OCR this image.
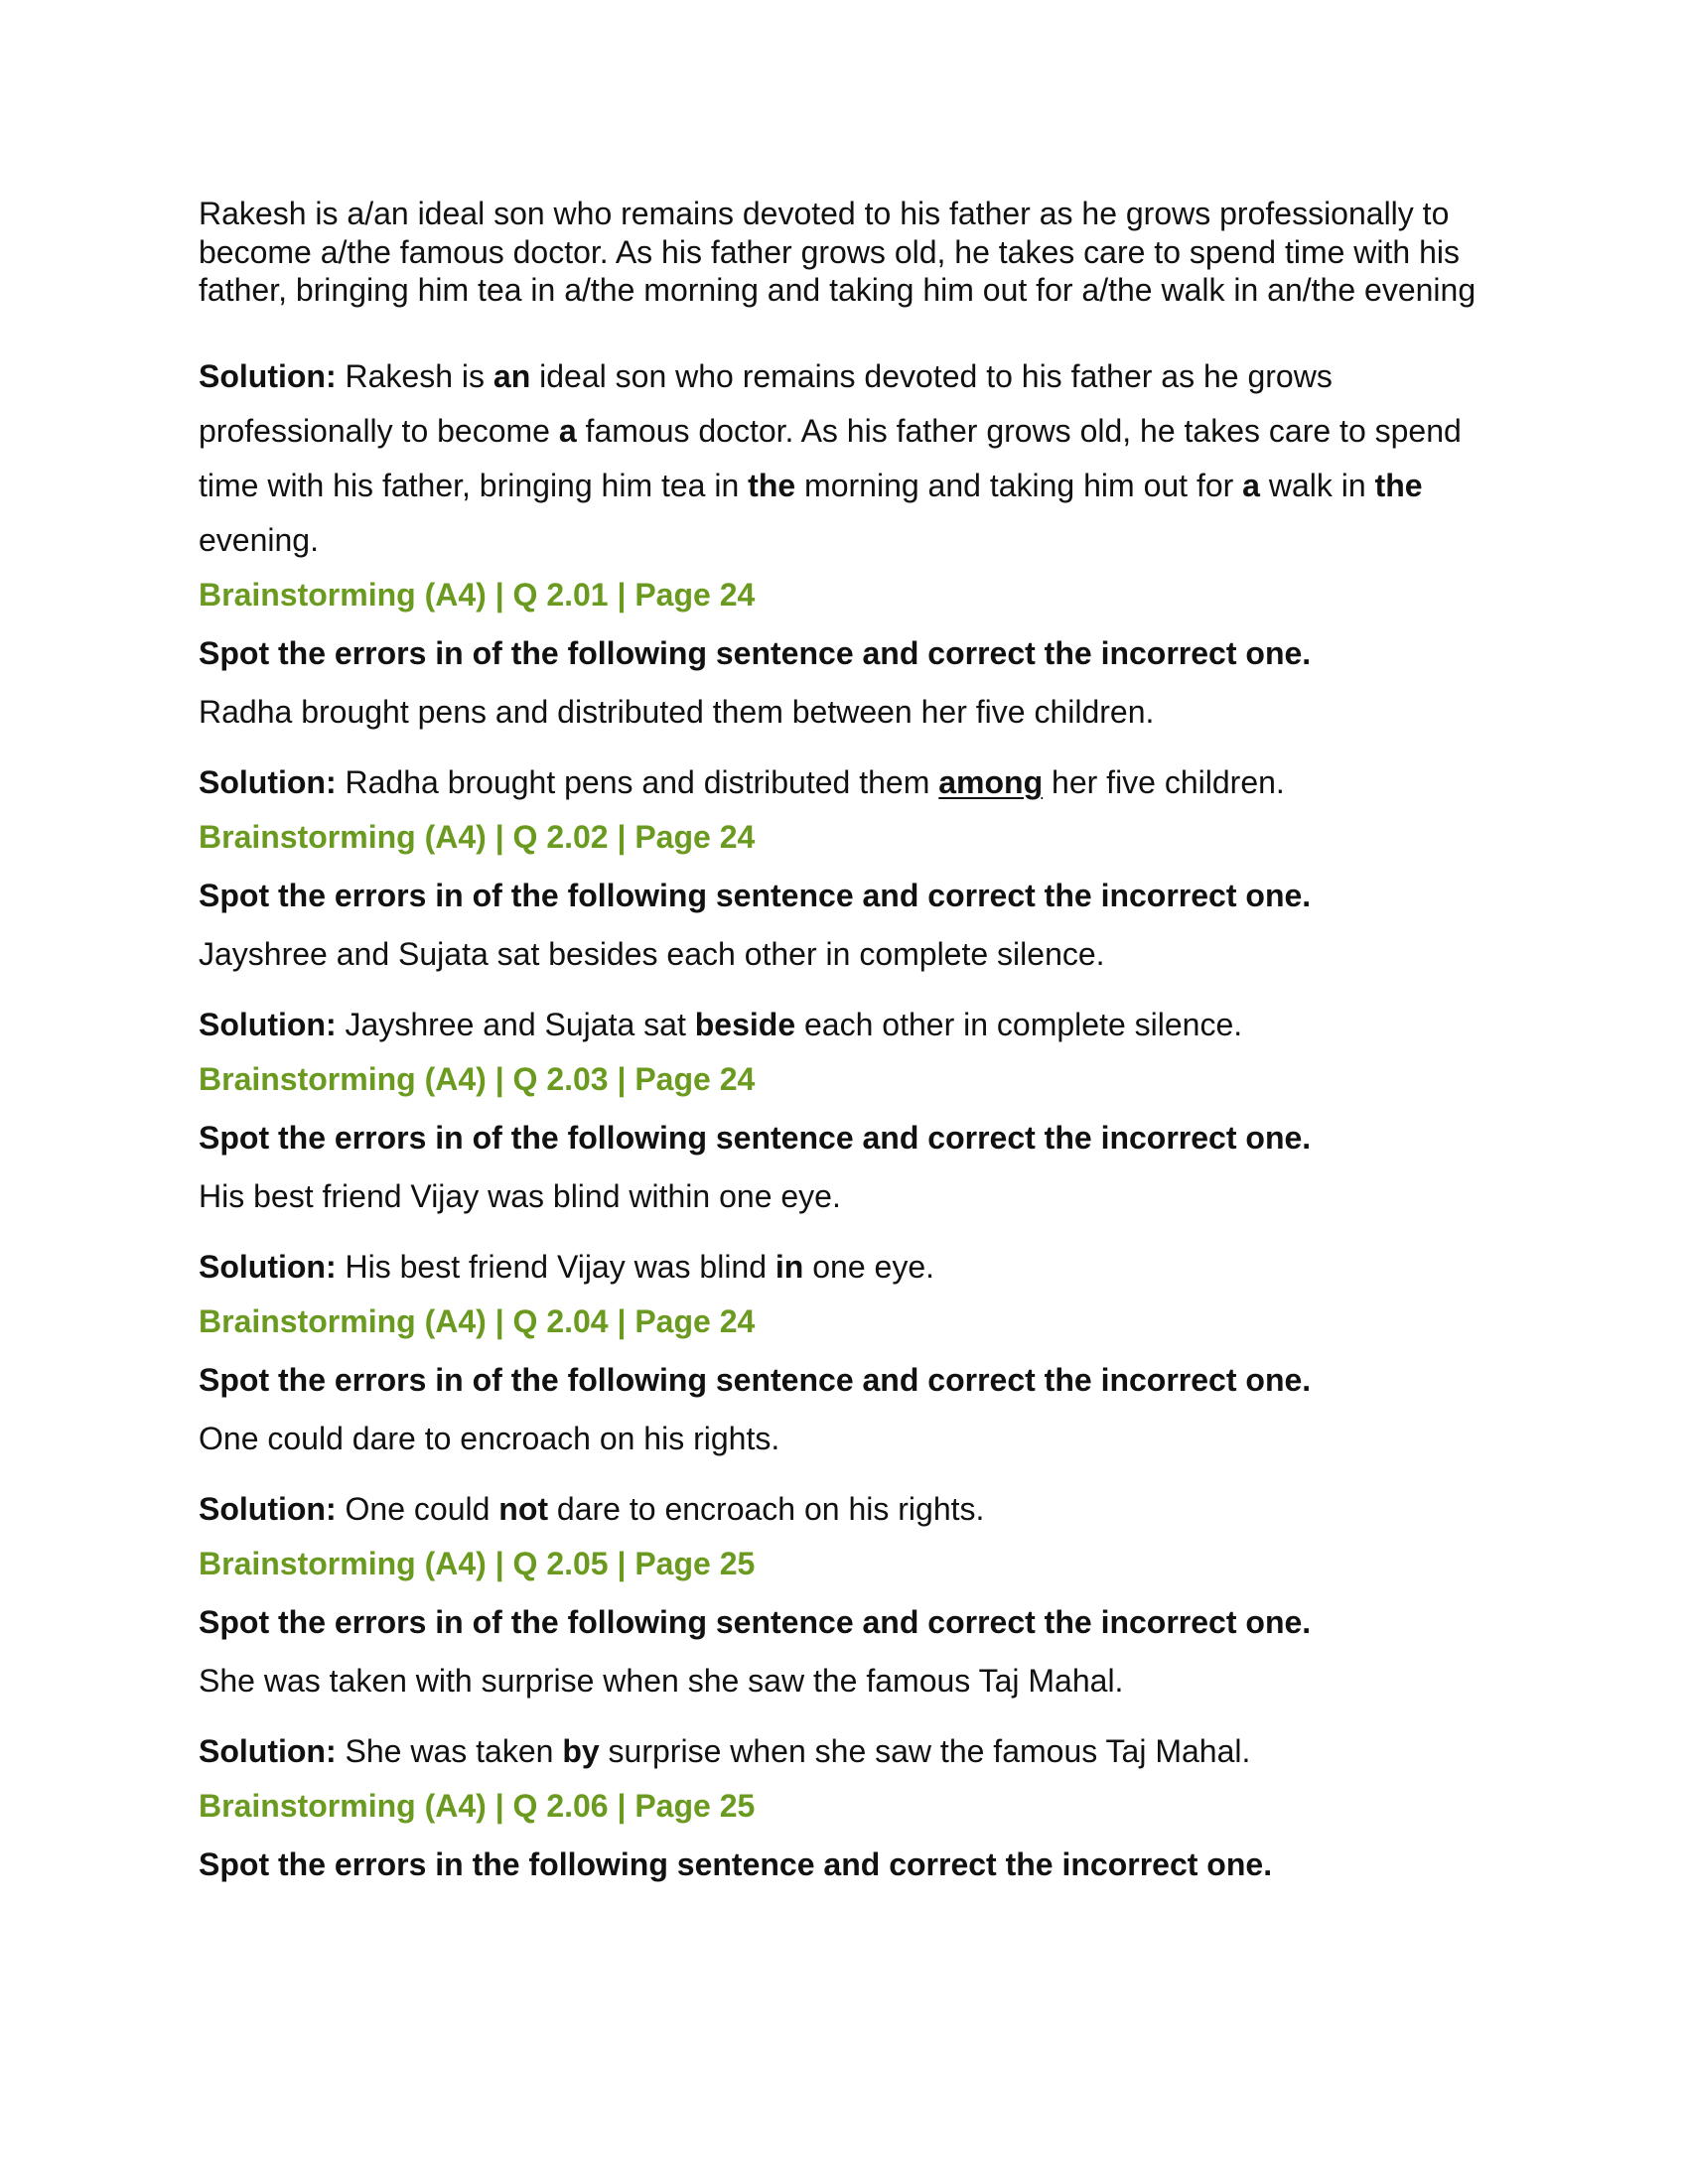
Rakesh is a/an ideal son who remains devoted to his father as he grows professionally to become a/the famous doctor. As his father grows old, he takes care to spend time with his father, bringing him tea in a/the morning and taking him out for a/the walk in an/the evening

Solution: Rakesh is an ideal son who remains devoted to his father as he grows professionally to become a famous doctor. As his father grows old, he takes care to spend time with his father, bringing him tea in the morning and taking him out for a walk in the evening.

Brainstorming (A4) | Q 2.01 | Page 24

Spot the errors in of the following sentence and correct the incorrect one.

Radha brought pens and distributed them between her five children.

Solution: Radha brought pens and distributed them among her five children.

Brainstorming (A4) | Q 2.02 | Page 24

Spot the errors in of the following sentence and correct the incorrect one.

Jayshree and Sujata sat besides each other in complete silence.

Solution: Jayshree and Sujata sat beside each other in complete silence.

Brainstorming (A4) | Q 2.03 | Page 24

Spot the errors in of the following sentence and correct the incorrect one.

His best friend Vijay was blind within one eye.

Solution: His best friend Vijay was blind in one eye.

Brainstorming (A4) | Q 2.04 | Page 24

Spot the errors in of the following sentence and correct the incorrect one.

One could dare to encroach on his rights.

Solution: One could not dare to encroach on his rights.

Brainstorming (A4) | Q 2.05 | Page 25

Spot the errors in of the following sentence and correct the incorrect one.

She was taken with surprise when she saw the famous Taj Mahal.

Solution: She was taken by surprise when she saw the famous Taj Mahal.

Brainstorming (A4) | Q 2.06 | Page 25

Spot the errors in the following sentence and correct the incorrect one.
